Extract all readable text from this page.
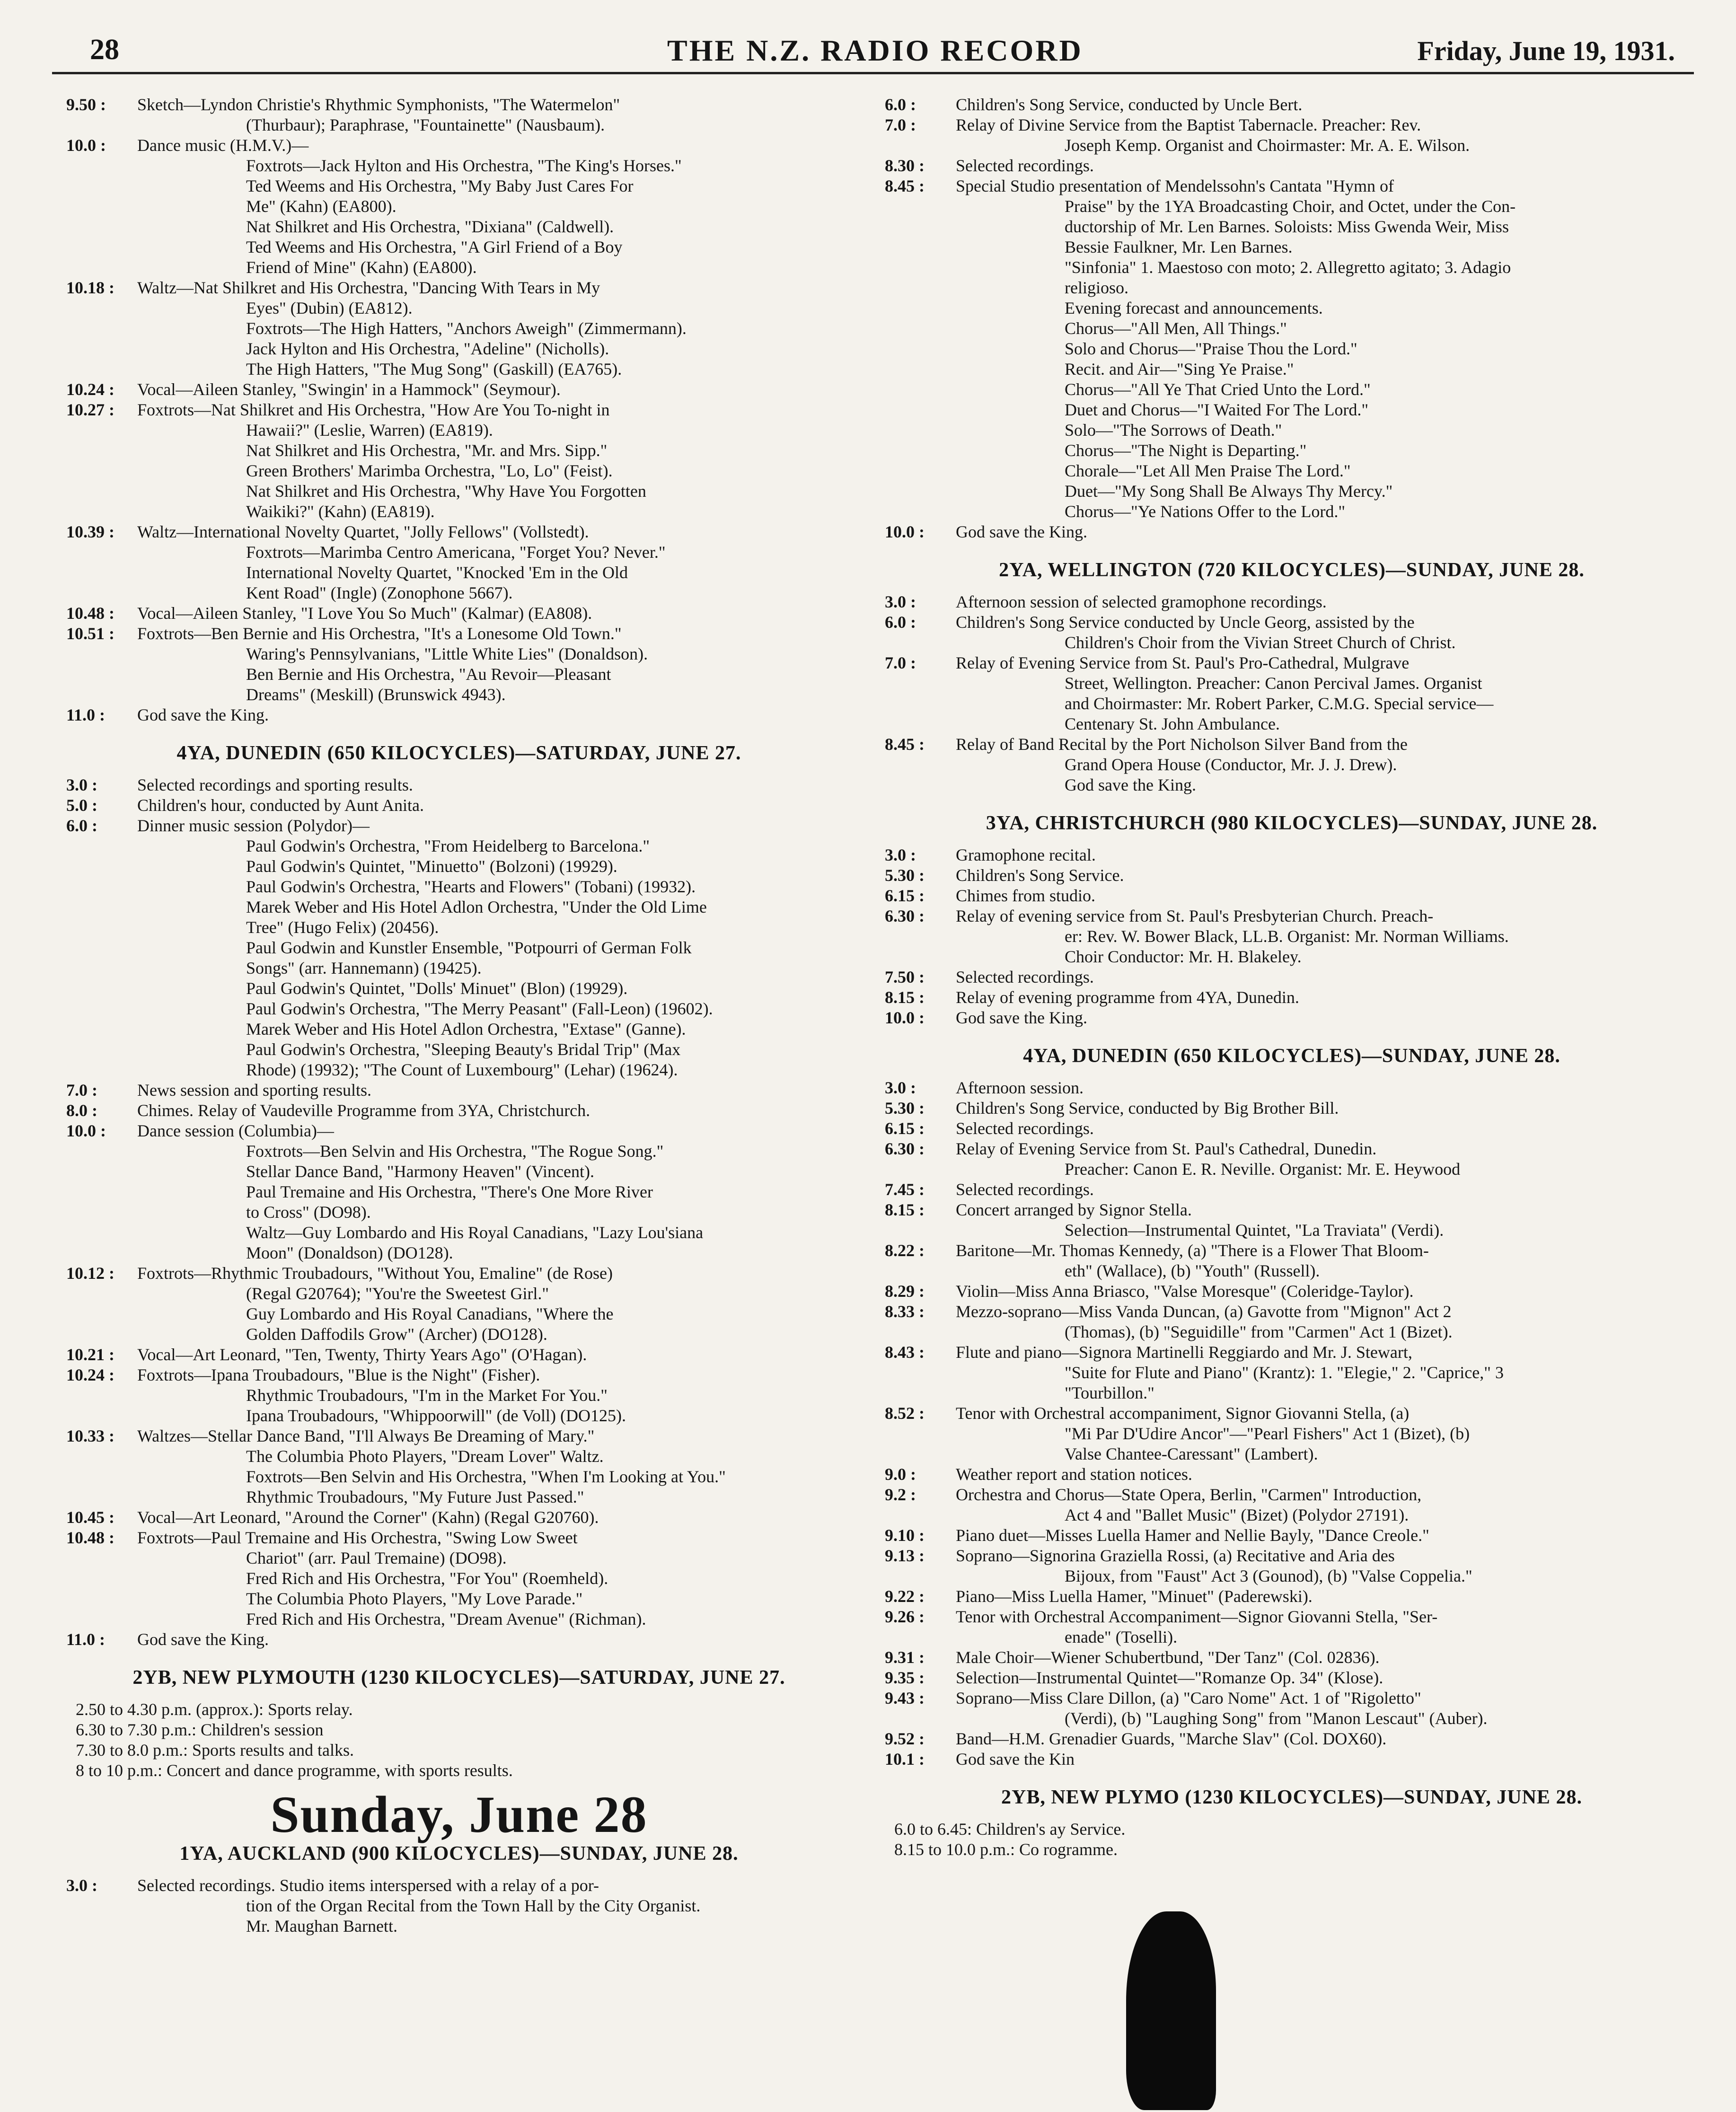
28	THE N.Z. RADIO RECORD	Friday, June 19, 1931.
9.50 :	Sketch—Lyndon Christie's Rhythmic Symphonists, "The Watermelon"
(Thurbaur); Paraphrase, "Fountainette" (Nausbaum).
10.0 :	Dance music (H.M.V.)—
Foxtrots—Jack Hylton and His Orchestra, "The King's Horses."
Ted Weems and His Orchestra, "My Baby Just Cares For
Me" (Kahn) (EA800).
Nat Shilkret and His Orchestra, "Dixiana" (Caldwell).
Ted Weems and His Orchestra, "A Girl Friend of a Boy
Friend of Mine" (Kahn) (EA800).
10.18 :	Waltz—Nat Shilkret and His Orchestra, "Dancing With Tears in My
Eyes" (Dubin) (EA812).
Foxtrots—The High Hatters, "Anchors Aweigh" (Zimmermann).
Jack Hylton and His Orchestra, "Adeline" (Nicholls).
The High Hatters, "The Mug Song" (Gaskill) (EA765).
10.24 :	Vocal—Aileen Stanley, "Swingin' in a Hammock" (Seymour).
10.27 :	Foxtrots—Nat Shilkret and His Orchestra, "How Are You To-night in
Hawaii?" (Leslie, Warren) (EA819).
Nat Shilkret and His Orchestra, "Mr. and Mrs. Sipp."
Green Brothers' Marimba Orchestra, "Lo, Lo" (Feist).
Nat Shilkret and His Orchestra, "Why Have You Forgotten
Waikiki?" (Kahn) (EA819).
10.39 :	Waltz—International Novelty Quartet, "Jolly Fellows" (Vollstedt).
Foxtrots—Marimba Centro Americana, "Forget You? Never."
International Novelty Quartet, "Knocked 'Em in the Old
Kent Road" (Ingle) (Zonophone 5667).
10.48 :	Vocal—Aileen Stanley, "I Love You So Much" (Kalmar) (EA808).
10.51 :	Foxtrots—Ben Bernie and His Orchestra, "It's a Lonesome Old Town."
Waring's Pennsylvanians, "Little White Lies" (Donaldson).
Ben Bernie and His Orchestra, "Au Revoir—Pleasant
Dreams" (Meskill) (Brunswick 4943).
11.0 :	God save the King.
4YA, DUNEDIN (650 KILOCYCLES)—SATURDAY, JUNE 27.
3.0 :	Selected recordings and sporting results.
5.0 :	Children's hour, conducted by Aunt Anita.
6.0 :	Dinner music session (Polydor)—
Paul Godwin's Orchestra, "From Heidelberg to Barcelona."
Paul Godwin's Quintet, "Minuetto" (Bolzoni) (19929).
Paul Godwin's Orchestra, "Hearts and Flowers" (Tobani) (19932).
Marek Weber and His Hotel Adlon Orchestra, "Under the Old Lime
Tree" (Hugo Felix) (20456).
Paul Godwin and Kunstler Ensemble, "Potpourri of German Folk
Songs" (arr. Hannemann) (19425).
Paul Godwin's Quintet, "Dolls' Minuet" (Blon) (19929).
Paul Godwin's Orchestra, "The Merry Peasant" (Fall-Leon) (19602).
Marek Weber and His Hotel Adlon Orchestra, "Extase" (Ganne).
Paul Godwin's Orchestra, "Sleeping Beauty's Bridal Trip" (Max
Rhode) (19932); "The Count of Luxembourg" (Lehar) (19624).
7.0 :	News session and sporting results.
8.0 :	Chimes. Relay of Vaudeville Programme from 3YA, Christchurch.
10.0 :	Dance session (Columbia)—
Foxtrots—Ben Selvin and His Orchestra, "The Rogue Song."
Stellar Dance Band, "Harmony Heaven" (Vincent).
Paul Tremaine and His Orchestra, "There's One More River
to Cross" (DO98).
Waltz—Guy Lombardo and His Royal Canadians, "Lazy Lou'siana
Moon" (Donaldson) (DO128).
10.12 :	Foxtrots—Rhythmic Troubadours, "Without You, Emaline" (de Rose)
(Regal G20764); "You're the Sweetest Girl."
Guy Lombardo and His Royal Canadians, "Where the
Golden Daffodils Grow" (Archer) (DO128).
10.21 :	Vocal—Art Leonard, "Ten, Twenty, Thirty Years Ago" (O'Hagan).
10.24 :	Foxtrots—Ipana Troubadours, "Blue is the Night" (Fisher).
Rhythmic Troubadours, "I'm in the Market For You."
Ipana Troubadours, "Whippoorwill" (de Voll) (DO125).
10.33 :	Waltzes—Stellar Dance Band, "I'll Always Be Dreaming of Mary."
The Columbia Photo Players, "Dream Lover" Waltz.
Foxtrots—Ben Selvin and His Orchestra, "When I'm Looking at You."
Rhythmic Troubadours, "My Future Just Passed."
10.45 :	Vocal—Art Leonard, "Around the Corner" (Kahn) (Regal G20760).
10.48 :	Foxtrots—Paul Tremaine and His Orchestra, "Swing Low Sweet
Chariot" (arr. Paul Tremaine) (DO98).
Fred Rich and His Orchestra, "For You" (Roemheld).
The Columbia Photo Players, "My Love Parade."
Fred Rich and His Orchestra, "Dream Avenue" (Richman).
11.0 :	God save the King.
2YB, NEW PLYMOUTH (1230 KILOCYCLES)—SATURDAY, JUNE 27.
2.50 to 4.30 p.m. (approx.): Sports relay.
6.30 to 7.30 p.m.: Children's session
7.30 to 8.0 p.m.: Sports results and talks.
8 to 10 p.m.: Concert and dance programme, with sports results.
Sunday, June 28
1YA, AUCKLAND (900 KILOCYCLES)—SUNDAY, JUNE 28.
3.0 :	Selected recordings. Studio items interspersed with a relay of a por-
tion of the Organ Recital from the Town Hall by the City Organist.
Mr. Maughan Barnett.
6.0 :	Children's Song Service, conducted by Uncle Bert.
7.0 :	Relay of Divine Service from the Baptist Tabernacle. Preacher: Rev.
Joseph Kemp. Organist and Choirmaster: Mr. A. E. Wilson.
8.30 :	Selected recordings.
8.45 :	Special Studio presentation of Mendelssohn's Cantata "Hymn of
Praise" by the 1YA Broadcasting Choir, and Octet, under the Con-
ductorship of Mr. Len Barnes. Soloists: Miss Gwenda Weir, Miss
Bessie Faulkner, Mr. Len Barnes.
"Sinfonia" 1. Maestoso con moto; 2. Allegretto agitato; 3. Adagio
religioso.
Evening forecast and announcements.
Chorus—"All Men, All Things."
Solo and Chorus—"Praise Thou the Lord."
Recit. and Air—"Sing Ye Praise."
Chorus—"All Ye That Cried Unto the Lord."
Duet and Chorus—"I Waited For The Lord."
Solo—"The Sorrows of Death."
Chorus—"The Night is Departing."
Chorale—"Let All Men Praise The Lord."
Duet—"My Song Shall Be Always Thy Mercy."
Chorus—"Ye Nations Offer to the Lord."
10.0 :	God save the King.
2YA, WELLINGTON (720 KILOCYCLES)—SUNDAY, JUNE 28.
3.0 :	Afternoon session of selected gramophone recordings.
6.0 :	Children's Song Service conducted by Uncle Georg, assisted by the
Children's Choir from the Vivian Street Church of Christ.
7.0 :	Relay of Evening Service from St. Paul's Pro-Cathedral, Mulgrave
Street, Wellington. Preacher: Canon Percival James. Organist
and Choirmaster: Mr. Robert Parker, C.M.G. Special service—
Centenary St. John Ambulance.
8.45 :	Relay of Band Recital by the Port Nicholson Silver Band from the
Grand Opera House (Conductor, Mr. J. J. Drew).
God save the King.
3YA, CHRISTCHURCH (980 KILOCYCLES)—SUNDAY, JUNE 28.
3.0 :	Gramophone recital.
5.30 :	Children's Song Service.
6.15 :	Chimes from studio.
6.30 :	Relay of evening service from St. Paul's Presbyterian Church. Preach-
er: Rev. W. Bower Black, LL.B. Organist: Mr. Norman Williams.
Choir Conductor: Mr. H. Blakeley.
7.50 :	Selected recordings.
8.15 :	Relay of evening programme from 4YA, Dunedin.
10.0 :	God save the King.
4YA, DUNEDIN (650 KILOCYCLES)—SUNDAY, JUNE 28.
3.0 :	Afternoon session.
5.30 :	Children's Song Service, conducted by Big Brother Bill.
6.15 :	Selected recordings.
6.30 :	Relay of Evening Service from St. Paul's Cathedral, Dunedin.
Preacher: Canon E. R. Neville. Organist: Mr. E. Heywood
7.45 :	Selected recordings.
8.15 :	Concert arranged by Signor Stella.
Selection—Instrumental Quintet, "La Traviata" (Verdi).
8.22 :	Baritone—Mr. Thomas Kennedy, (a) "There is a Flower That Bloom-
eth" (Wallace), (b) "Youth" (Russell).
8.29 :	Violin—Miss Anna Briasco, "Valse Moresque" (Coleridge-Taylor).
8.33 :	Mezzo-soprano—Miss Vanda Duncan, (a) Gavotte from "Mignon" Act 2
(Thomas), (b) "Seguidille" from "Carmen" Act 1 (Bizet).
8.43 :	Flute and piano—Signora Martinelli Reggiardo and Mr. J. Stewart,
"Suite for Flute and Piano" (Krantz): 1. "Elegie," 2. "Caprice," 3
"Tourbillon."
8.52 :	Tenor with Orchestral accompaniment, Signor Giovanni Stella, (a)
"Mi Par D'Udire Ancor"—"Pearl Fishers" Act 1 (Bizet), (b)
Valse Chantee-Caressant" (Lambert).
9.0 :	Weather report and station notices.
9.2 :	Orchestra and Chorus—State Opera, Berlin, "Carmen" Introduction,
Act 4 and "Ballet Music" (Bizet) (Polydor 27191).
9.10 :	Piano duet—Misses Luella Hamer and Nellie Bayly, "Dance Creole."
9.13 :	Soprano—Signorina Graziella Rossi, (a) Recitative and Aria des
Bijoux, from "Faust" Act 3 (Gounod), (b) "Valse Coppelia."
9.22 :	Piano—Miss Luella Hamer, "Minuet" (Paderewski).
9.26 :	Tenor with Orchestral Accompaniment—Signor Giovanni Stella, "Ser-
enade" (Toselli).
9.31 :	Male Choir—Wiener Schubertbund, "Der Tanz" (Col. 02836).
9.35 :	Selection—Instrumental Quintet—"Romanze Op. 34" (Klose).
9.43 :	Soprano—Miss Clare Dillon, (a) "Caro Nome" Act. 1 of "Rigoletto"
(Verdi), (b) "Laughing Song" from "Manon Lescaut" (Auber).
9.52 :	Band—H.M. Grenadier Guards, "Marche Slav" (Col. DOX60).
10.1 :	God save the Kin
2YB, NEW PLYMO (1230 KILOCYCLES)—SUNDAY, JUNE 28.
6.0 to 6.45: Children's ay Service.
8.15 to 10.0 p.m.: Co rogramme.
